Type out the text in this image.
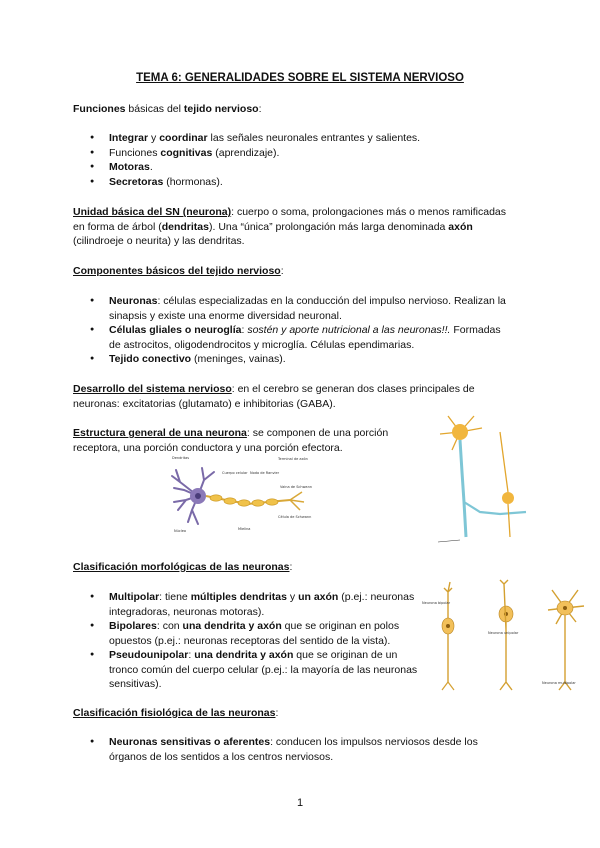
TEMA 6: GENERALIDADES SOBRE EL SISTEMA NERVIOSO
Funciones básicas del tejido nervioso:
● Integrar y coordinar las señales neuronales entrantes y salientes.
● Funciones cognitivas (aprendizaje).
● Motoras.
● Secretoras (hormonas).
Unidad básica del SN (neurona): cuerpo o soma, prolongaciones más o menos ramificadas en forma de árbol (dendritas). Una “única” prolongación más larga denominada axón (cilindroeje o neurita) y las dendritas.
Componentes básicos del tejido nervioso:
● Neuronas: células especializadas en la conducción del impulso nervioso. Realizan la sinapsis y existe una enorme diversidad neuronal.
● Células gliales o neuroglía: sostén y aporte nutricional a las neuronas!!. Formadas de astrocitos, oligodendrocitos y microglía. Células ependimarias.
● Tejido conectivo (meninges, vainas).
Desarrollo del sistema nervioso: en el cerebro se generan dos clases principales de neuronas: excitatorias (glutamato) e inhibitorias (GABA).
Estructura general de una neurona: se componen de una porción receptora, una porción conductora y una porción efectora.
Dendritas
Cuerpo celular Nodo de Ranvier
Terminal de axón
Núcleo
Vaina de Schwann
Célula de Schwann
Mielina
Clasificación morfológicas de las neuronas:
● Multipolar: tiene múltiples dendritas y un axón (p.ej.: neuronas integradoras, neuronas motoras).
● Bipolares: con una dendrita y axón que se originan en polos opuestos (p.ej.: neuronas receptoras del sentido de la vista).
● Pseudounipolar: una dendrita y axón que se originan de un tronco común del cuerpo celular (p.ej.: la mayoría de las neuronas sensitivas).
Neurona bipolar
Neurona unipolar
Neurona multipolar
Clasificación fisiológica de las neuronas:
● Neuronas sensitivas o aferentes: conducen los impulsos nerviosos desde los órganos de los sentidos a los centros nerviosos.
1
